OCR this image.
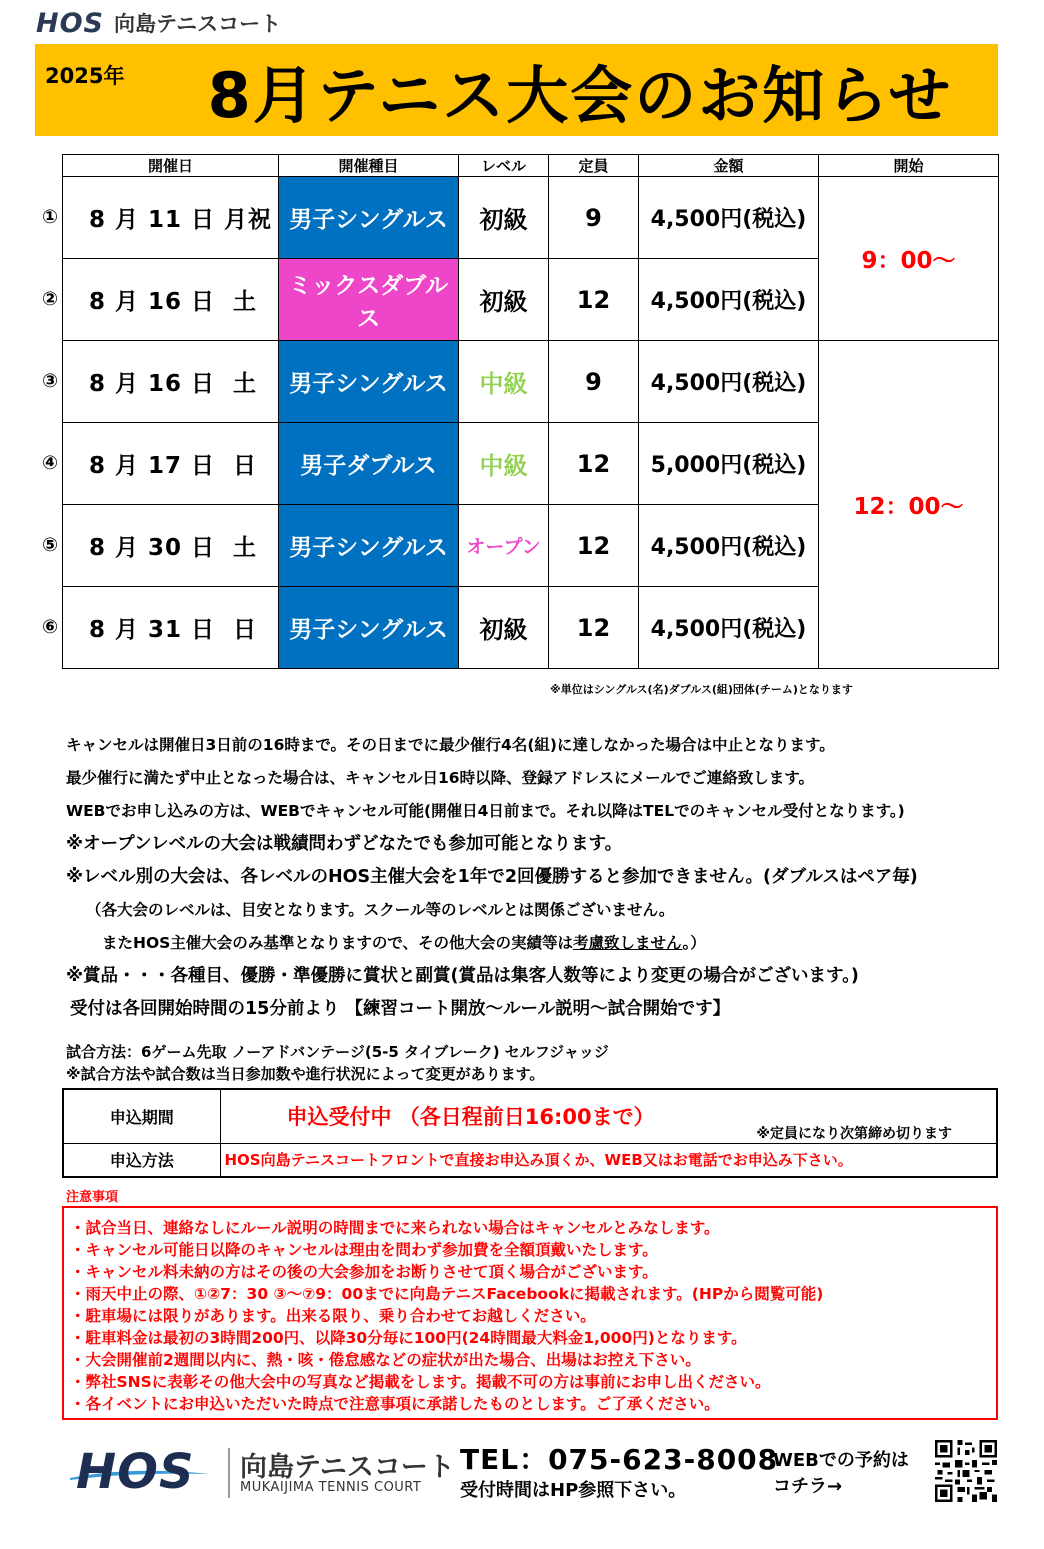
HOS 向島テニスコート
2025年	8月テニス大会のお知らせ
①
②
③
④
⑤
⑥
開催日	開催種目	レベル	定員	金額	開始
8 月 11 日 月祝	男子シングルス	初級	9	4,500円(税込)	9：00～
8 月 16 日  土	ミックスダブルス	初級	12	4,500円(税込)	
8 月 16 日  土	男子シングルス	中級	9	4,500円(税込)	12：00～
8 月 17 日  日	男子ダブルス	中級	12	5,000円(税込)	
8 月 30 日  土	男子シングルス	オープン	12	4,500円(税込)	
8 月 31 日  日	男子シングルス	初級	12	4,500円(税込)	
※単位はシングルス(名)ダブルス(組)団体(チーム)となります

キャンセルは開催日3日前の16時まで。その日までに最少催行4名(組)に達しなかった場合は中止となります。

最少催行に満たず中止となった場合は、キャンセル日16時以降、登録アドレスにメールでご連絡致します。

WEBでお申し込みの方は、WEBでキャンセル可能(開催日4日前まで。それ以降はTELでのキャンセル受付となります。)

※オープンレベルの大会は戦績問わずどなたでも参加可能となります。

※レベル別の大会は、各レベルのHOS主催大会を1年で2回優勝すると参加できません。(ダブルスはペア毎)

（各大会のレベルは、目安となります。スクール等のレベルとは関係ございません。

またHOS主催大会のみ基準となりますので、その他大会の実績等は考慮致しません。）

※賞品・・・各種目、優勝・準優勝に賞状と副賞(賞品は集客人数等により変更の場合がございます。)

受付は各回開始時間の15分前より 【練習コート開放～ルール説明～試合開始です】

試合方法：6ゲーム先取 ノーアドバンテージ(5-5 タイブレーク) セルフジャッジ
※試合方法や試合数は当日参加数や進行状況によって変更があります。
申込期間	申込受付中 （各日程前日16:00まで）
※定員になり次第締め切ります

申込方法	HOS向島テニスコートフロントで直接お申込み頂くか、WEB又はお電話でお申込み下さい。
注意事項

・試合当日、連絡なしにルール説明の時間までに来られない場合はキャンセルとみなします。

・キャンセル可能日以降のキャンセルは理由を問わず参加費を全額頂戴いたします。

・キャンセル料未納の方はその後の大会参加をお断りさせて頂く場合がございます。

・雨天中止の際、①②7：30 ③～⑦9：00までに向島テニスFacebookに掲載されます。(HPから閲覧可能)

・駐車場には限りがあります。出来る限り、乗り合わせてお越しください。

・駐車料金は最初の3時間200円、以降30分毎に100円(24時間最大料金1,000円)となります。

・大会開催前2週間以内に、熱・咳・倦怠感などの症状が出た場合、出場はお控え下さい。

・弊社SNSに表彰その他大会中の写真など掲載をします。掲載不可の方は事前にお申し出ください。

・各イベントにお申込いただいた時点で注意事項に承諾したものとします。ご了承ください。

HOS 向島テニスコート
MUKAIJIMA TENNIS COURT
TEL：075-623-8008
受付時間はHP参照下さい。
WEBでの予約は
コチラ→
